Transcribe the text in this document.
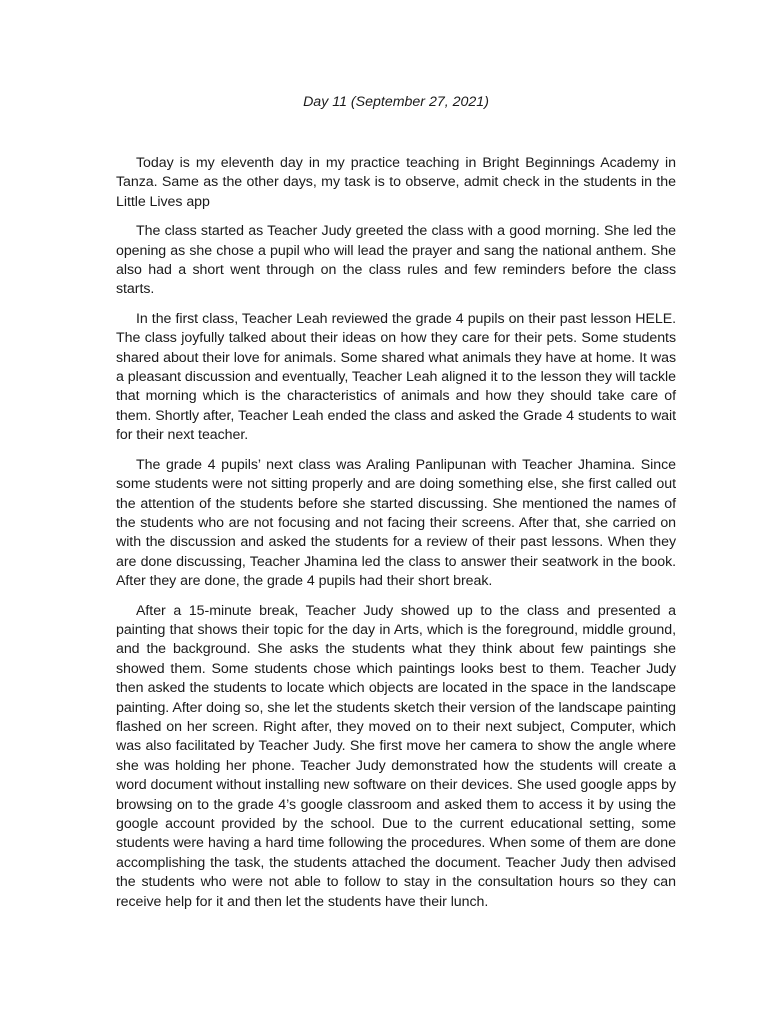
Day 11 (September 27, 2021)

Today is my eleventh day in my practice teaching in Bright Beginnings Academy in Tanza. Same as the other days, my task is to observe, admit check in the students in the Little Lives app

The class started as Teacher Judy greeted the class with a good morning. She led the opening as she chose a pupil who will lead the prayer and sang the national anthem. She also had a short went through on the class rules and few reminders before the class starts.

In the first class, Teacher Leah reviewed the grade 4 pupils on their past lesson HELE. The class joyfully talked about their ideas on how they care for their pets. Some students shared about their love for animals. Some shared what animals they have at home. It was a pleasant discussion and eventually, Teacher Leah aligned it to the lesson they will tackle that morning which is the characteristics of animals and how they should take care of them. Shortly after, Teacher Leah ended the class and asked the Grade 4 students to wait for their next teacher.

The grade 4 pupils’ next class was Araling Panlipunan with Teacher Jhamina. Since some students were not sitting properly and are doing something else, she first called out the attention of the students before she started discussing. She mentioned the names of the students who are not focusing and not facing their screens. After that, she carried on with the discussion and asked the students for a review of their past lessons. When they are done discussing, Teacher Jhamina led the class to answer their seatwork in the book. After they are done, the grade 4 pupils had their short break.

After a 15-minute break, Teacher Judy showed up to the class and presented a painting that shows their topic for the day in Arts, which is the foreground, middle ground, and the background. She asks the students what they think about few paintings she showed them. Some students chose which paintings looks best to them. Teacher Judy then asked the students to locate which objects are located in the space in the landscape painting. After doing so, she let the students sketch their version of the landscape painting flashed on her screen. Right after, they moved on to their next subject, Computer, which was also facilitated by Teacher Judy. She first move her camera to show the angle where she was holding her phone. Teacher Judy demonstrated how the students will create a word document without installing new software on their devices. She used google apps by browsing on to the grade 4’s google classroom and asked them to access it by using the google account provided by the school. Due to the current educational setting, some students were having a hard time following the procedures. When some of them are done accomplishing the task, the students attached the document. Teacher Judy then advised the students who were not able to follow to stay in the consultation hours so they can receive help for it and then let the students have their lunch.
